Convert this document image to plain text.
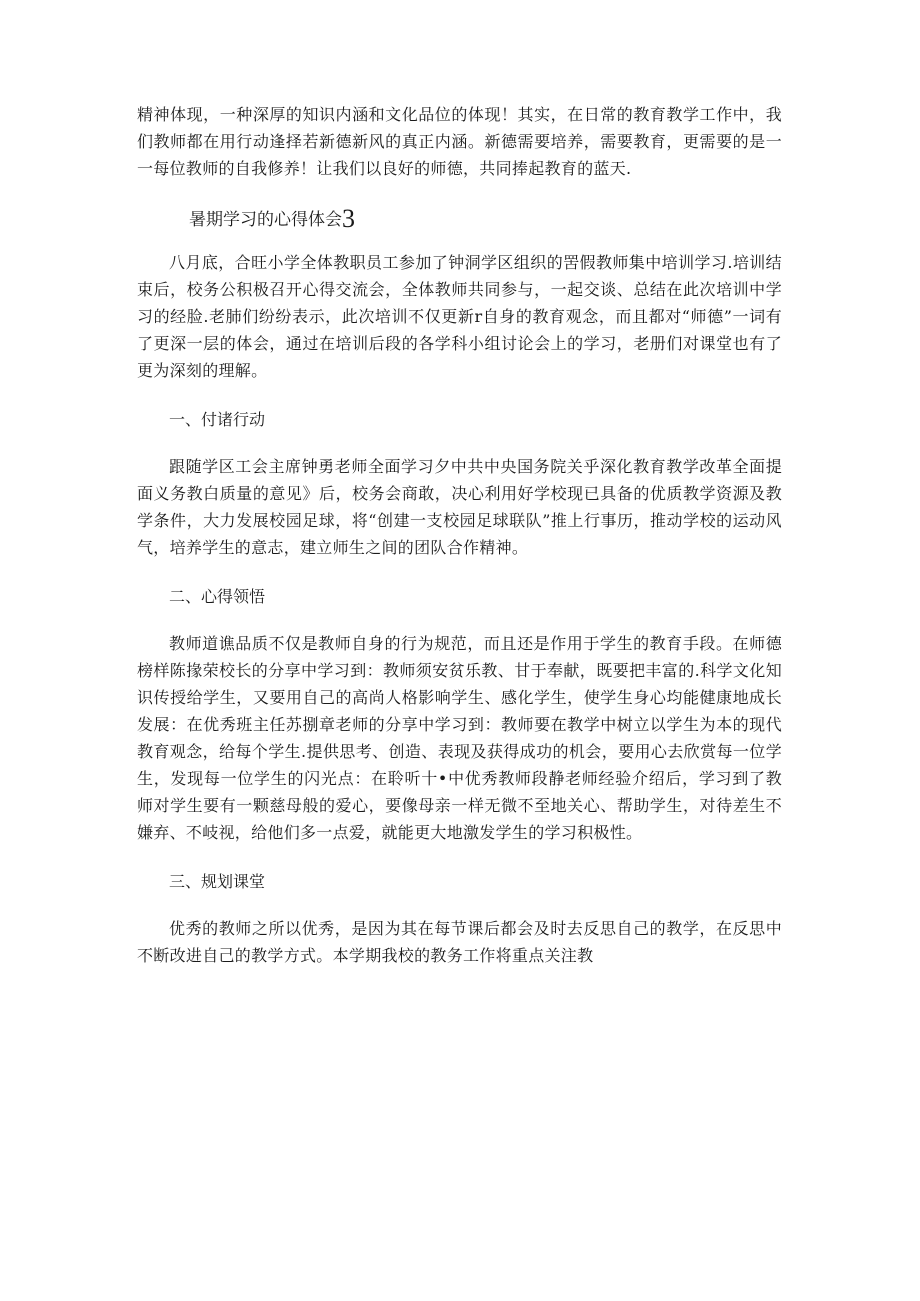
精神体现，一种深厚的知识内涵和文化品位的体现！其实，在日常的教育教学工作中，我们教师都在用行动逢择若新德新风的真正内涵。新德需要培养，需要教育，更需要的是一一每位教师的自我修养！让我们以良好的师德，共同捧起教育的蓝天.

暑期学习的心得体会3

八月底，合旺小学全体教职员工参加了钟洞学区组织的罟假教师集中培训学习.培训结束后，校务公积极召开心得交流会，全体教师共同参与，一起交谈、总结在此次培训中学习的经脸.老肺们纷纷表示，此次培训不仅更新r自身的教育观念，而且都对“师德”一词有了更深一层的体会，通过在培训后段的各学科小组讨论会上的学习，老册们对课堂也有了更为深刻的理解。

一、付诸行动

跟随学区工会主席钟勇老师全面学习夕中共中央国务院关乎深化教育教学改革全面提面义务教白质量的意见》后，校务会商敢，决心利用好学校现已具备的优质教学资源及教学条件，大力发展校园足球，将“创建一支校园足球联队”推上行事历，推动学校的运动风气，培养学生的意志，建立师生之间的团队合作精神。

二、心得领悟

教师道谯品质不仅是教师自身的行为规范，而且还是作用于学生的教育手段。在师德榜样陈掾荣校长的分享中学习到：教师须安贫乐教、甘于奉献，既要把丰富的.科学文化知识传授给学生，又要用自己的高尚人格影响学生、感化学生，使学生身心均能健康地成长发展：在优秀班主任苏捌章老师的分享中学习到：教师要在教学中树立以学生为本的现代教育观念，给每个学生.提供思考、创造、表现及获得成功的机会，要用心去欣赏每一位学生，发现每一位学生的闪光点：在聆听十•中优秀教师段静老师经验介绍后，学习到了教师对学生要有一颗慈母般的爱心，要像母亲一样无微不至地关心、帮助学生，对待差生不嫌弃、不岐视，给他们多一点爱，就能更大地激发学生的学习积极性。

三、规划课堂

优秀的教师之所以优秀，是因为其在每节课后都会及时去反思自己的教学，在反思中不断改进自己的教学方式。本学期我校的教务工作将重点关注教
